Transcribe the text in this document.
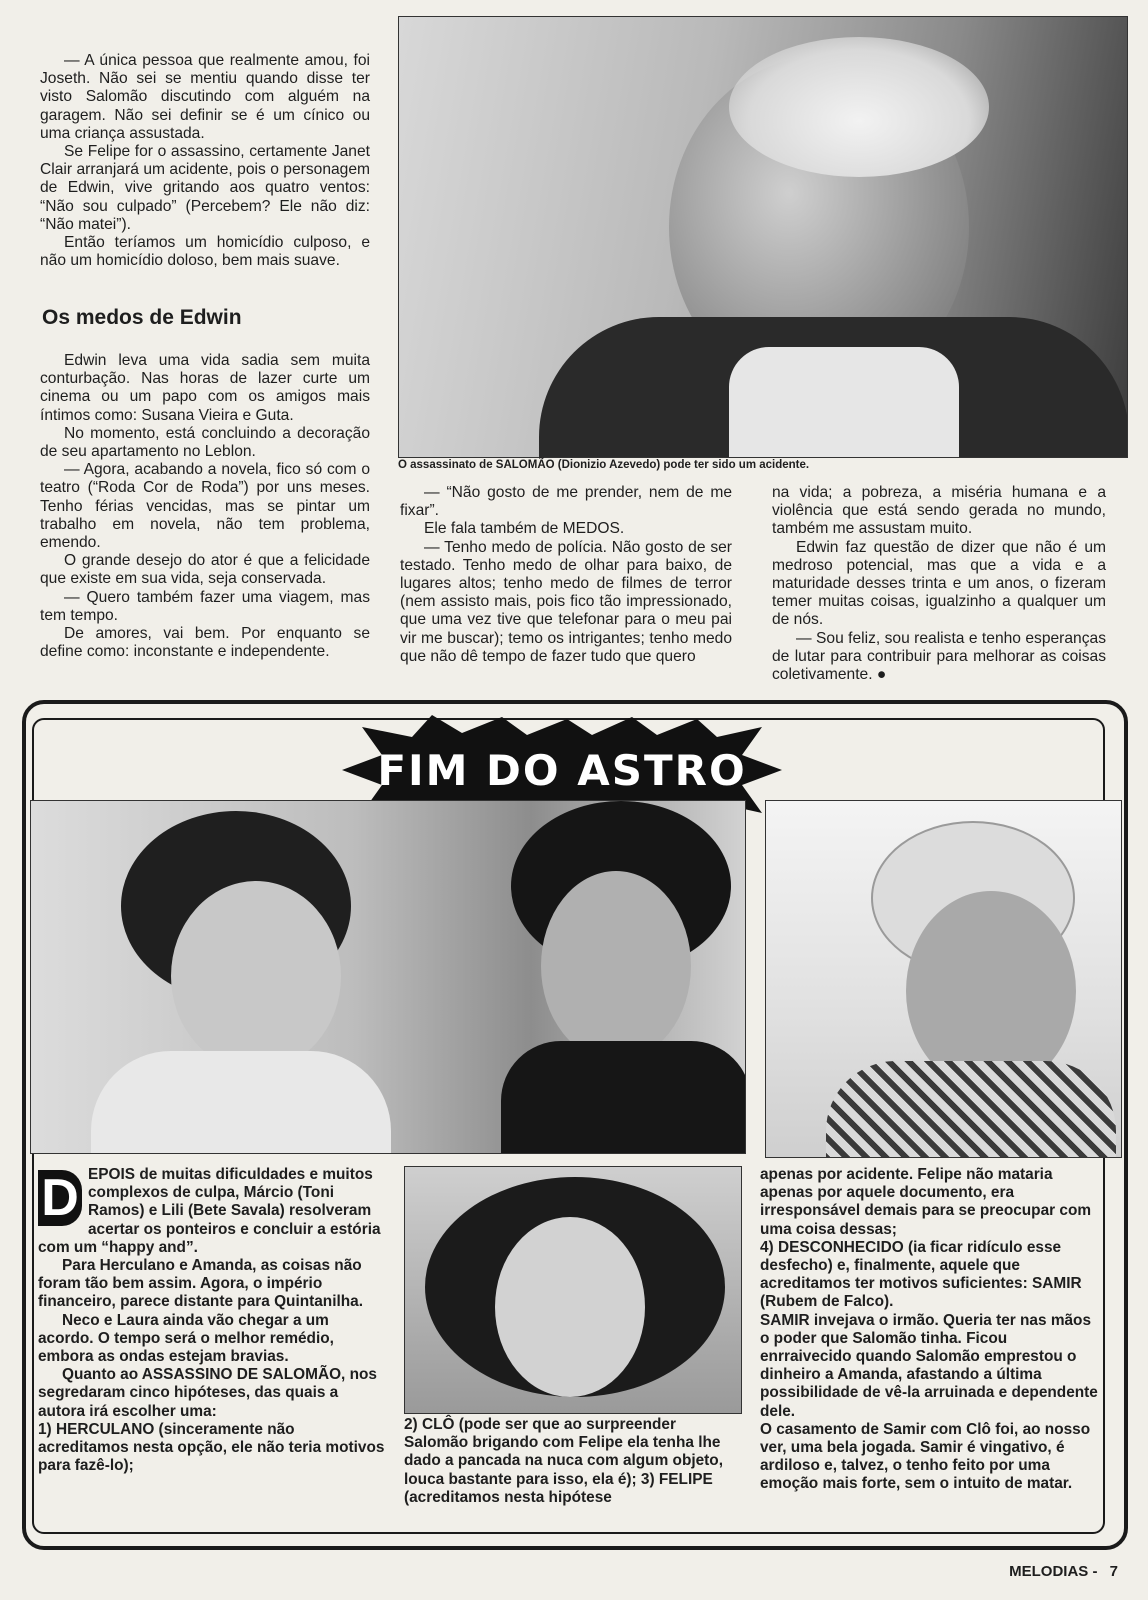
— A única pessoa que realmente amou, foi Joseth. Não sei se mentiu quando disse ter visto Salomão discutindo com alguém na garagem. Não sei definir se é um cínico ou uma criança assustada.

Se Felipe for o assassino, certamente Janet Clair arranjará um acidente, pois o personagem de Edwin, vive gritando aos quatro ventos: “Não sou culpado” (Percebem? Ele não diz: “Não matei”).

Então teríamos um homicídio culposo, e não um homicídio doloso, bem mais suave.

Os medos de Edwin

Edwin leva uma vida sadia sem muita conturbação. Nas horas de lazer curte um cinema ou um papo com os amigos mais íntimos como: Susana Vieira e Guta.

No momento, está concluindo a decoração de seu apartamento no Leblon.

— Agora, acabando a novela, fico só com o teatro (“Roda Cor de Roda”) por uns meses. Tenho férias vencidas, mas se pintar um trabalho em novela, não tem problema, emendo.

O grande desejo do ator é que a felicidade que existe em sua vida, seja conservada.

— Quero também fazer uma viagem, mas tem tempo.

De amores, vai bem. Por enquanto se define como: inconstante e independente.

O assassinato de SALOMÃO (Dionizio Azevedo) pode ter sido um acidente.

— “Não gosto de me prender, nem de me fixar”.

Ele fala também de MEDOS.

— Tenho medo de polícia. Não gosto de ser testado. Tenho medo de olhar para baixo, de lugares altos; tenho medo de filmes de terror (nem assisto mais, pois fico tão impressionado, que uma vez tive que telefonar para o meu pai vir me buscar); temo os intrigantes; tenho medo que não dê tempo de fazer tudo que quero

na vida; a pobreza, a miséria humana e a violência que está sendo gerada no mundo, também me assustam muito.

Edwin faz questão de dizer que não é um medroso potencial, mas que a vida e a maturidade desses trinta e um anos, o fizeram temer muitas coisas, igualzinho a qualquer um de nós.

— Sou feliz, sou realista e tenho esperanças de lutar para contribuir para melhorar as coisas coletivamente. ●

FIM DO ASTRO

D EPOIS de muitas dificuldades e muitos complexos de culpa, Márcio (Toni Ramos) e Lili (Bete Savala) resolveram acertar os ponteiros e concluir a estória com um “happy and”.

Para Herculano e Amanda, as coisas não foram tão bem assim. Agora, o império financeiro, parece distante para Quintanilha.

Neco e Laura ainda vão chegar a um acordo. O tempo será o melhor remédio, embora as ondas estejam bravias.

Quanto ao ASSASSINO DE SALOMÃO, nos segredaram cinco hipóteses, das quais a autora irá escolher uma:

1) HERCULANO (sinceramente não acreditamos nesta opção, ele não teria motivos para fazê-lo);

2) CLÔ (pode ser que ao surpreender Salomão brigando com Felipe ela tenha lhe dado a pancada na nuca com algum objeto, louca bastante para isso, ela é); 3) FELIPE (acreditamos nesta hipótese

apenas por acidente. Felipe não mataria apenas por aquele documento, era irresponsável demais para se preocupar com uma coisa dessas;

4) DESCONHECIDO (ia ficar ridículo esse desfecho) e, finalmente, aquele que acreditamos ter motivos suficientes: SAMIR (Rubem de Falco).

SAMIR invejava o irmão. Queria ter nas mãos o poder que Salomão tinha. Ficou enrraivecido quando Salomão emprestou o dinheiro a Amanda, afastando a última possibilidade de vê-la arruinada e dependente dele.

O casamento de Samir com Clô foi, ao nosso ver, uma bela jogada. Samir é vingativo, é ardiloso e, talvez, o tenho feito por uma emoção mais forte, sem o intuito de matar.

MELODIAS - 7
